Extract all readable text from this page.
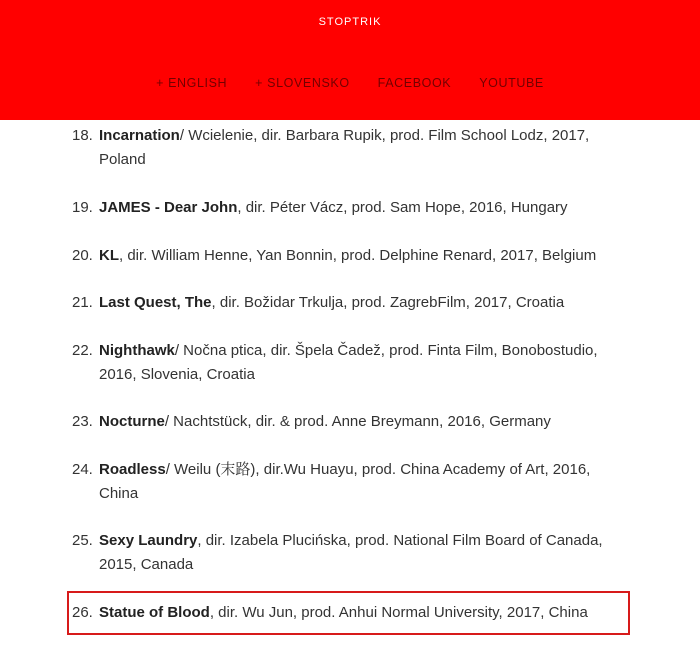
STOPTRIK
+ ENGLISH + SLOVENSKO FACEBOOK YOUTUBE
18. Incarnation/ Wcielenie, dir. Barbara Rupik, prod. Film School Lodz, 2017, Poland
19. JAMES - Dear John, dir. Péter Vácz, prod. Sam Hope, 2016, Hungary
20. KL, dir. William Henne, Yan Bonnin, prod. Delphine Renard, 2017, Belgium
21. Last Quest, The, dir. Božidar Trkulja, prod. ZagrebFilm, 2017, Croatia
22. Nighthawk/ Nočna ptica, dir. Špela Čadež, prod. Finta Film, Bonobostudio, 2016, Slovenia, Croatia
23. Nocturne/ Nachtstück, dir. & prod. Anne Breymann, 2016, Germany
24. Roadless/ Weilu (末路), dir.Wu Huayu, prod. China Academy of Art, 2016, China
25. Sexy Laundry, dir. Izabela Plucińska, prod. National Film Board of Canada, 2015, Canada
26. Statue of Blood, dir. Wu Jun, prod. Anhui Normal University, 2017, China
